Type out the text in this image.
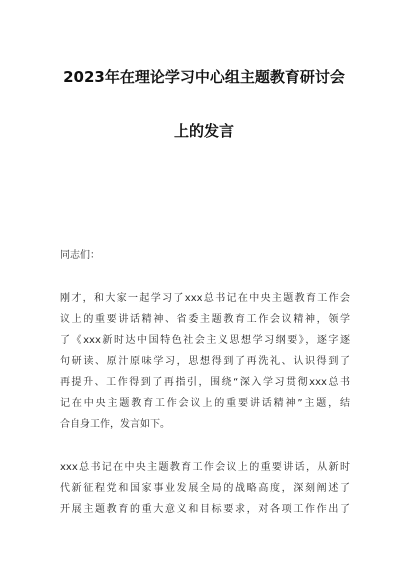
2023年在理论学习中心组主题教育研讨会
上的发言
同志们：
刚才，和大家一起学习了xxx总书记在中央主题教育工作会
议上的重要讲话精神、省委主题教育工作会议精神，领学
了《xxx新时达中国特色社会主义思想学习纲要》，逐字逐
句研读、原汁原味学习，思想得到了再洗礼、认识得到了
再提升、工作得到了再指引，围绕“深入学习贯彻xxx总书
记在中央主题教育工作会议上的重要讲话精神”主题，结
合自身工作，发言如下。
xxx总书记在中央主题教育工作会议上的重要讲话，从新时
代新征程党和国家事业发展全局的战略高度，深刻阐述了
开展主题教育的重大意义和目标要求，对各项工作作出了
